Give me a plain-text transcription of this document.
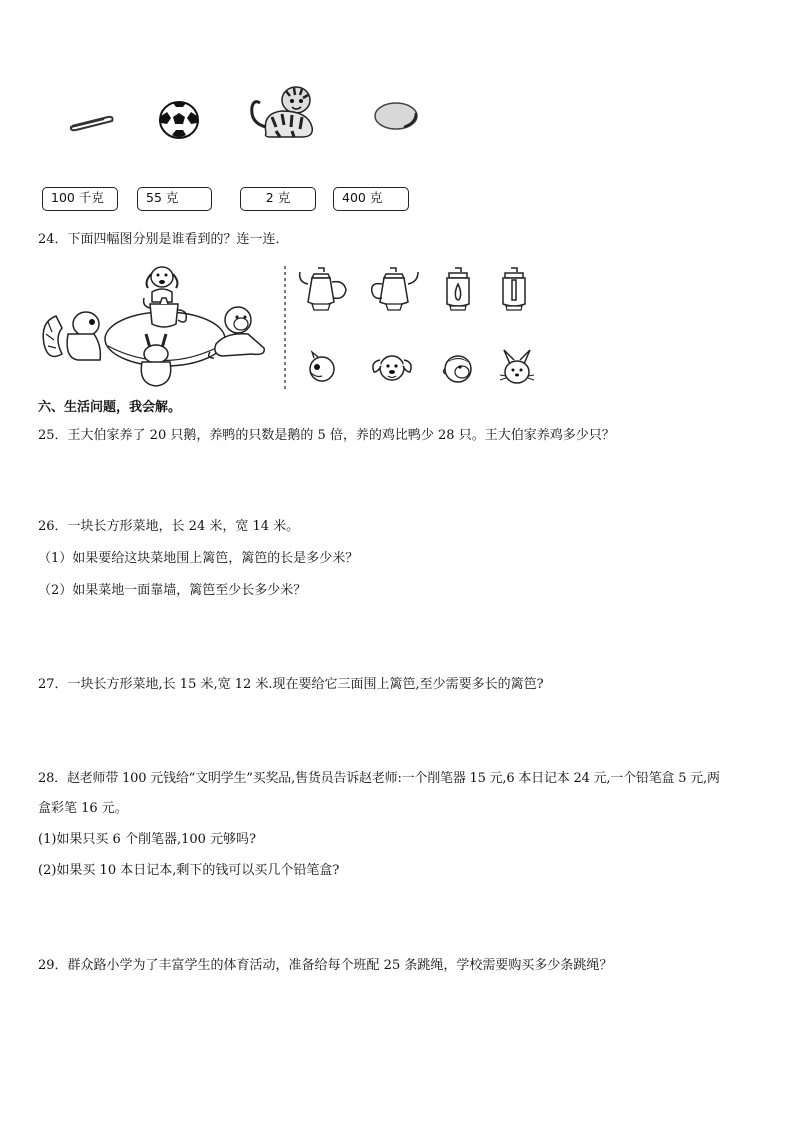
100 千克	55 克	2 克	400 克
24．下面四幅图分别是谁看到的？连一连．
六、生活问题，我会解。
25．王大伯家养了 20 只鹅，养鸭的只数是鹅的 5 倍，养的鸡比鸭少 28 只。王大伯家养鸡多少只？
26．一块长方形菜地，长 24 米，宽 14 米。
（1）如果要给这块菜地围上篱笆，篱笆的长是多少米？
（2）如果菜地一面靠墙，篱笆至少长多少米？
27．一块长方形菜地,长 15 米,宽 12 米.现在要给它三面围上篱笆,至少需要多长的篱笆?
28．赵老师带 100 元钱给“文明学生”买奖品,售货员告诉赵老师:一个削笔器 15 元,6 本日记本 24 元,一个铅笔盒 5 元,两
盒彩笔 16 元。
(1)如果只买 6 个削笔器,100 元够吗?
(2)如果买 10 本日记本,剩下的钱可以买几个铅笔盒?
29．群众路小学为了丰富学生的体育活动，准备给每个班配 25 条跳绳，学校需要购买多少条跳绳？
